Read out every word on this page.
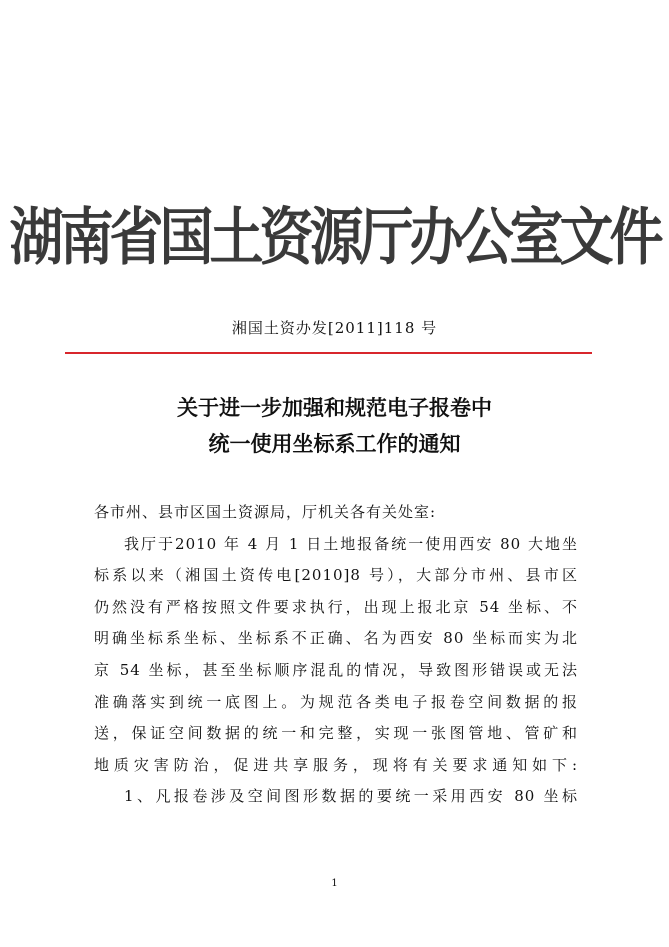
湖南省国土资源厅办公室文件
湘国土资办发[2011]118 号
关于进一步加强和规范电子报卷中
统一使用坐标系工作的通知
各市州、县市区国土资源局，厅机关各有关处室:
我厅于2010 年 4 月 1 日土地报备统一使用西安 80 大地坐
标系以来（湘国土资传电[2010]8 号），大部分市州、县市区
仍然没有严格按照文件要求执行，出现上报北京 54 坐标、不
明确坐标系坐标、坐标系不正确、名为西安 80 坐标而实为北
京 54 坐标，甚至坐标顺序混乱的情况，导致图形错误或无法
准确落实到统一底图上。为规范各类电子报卷空间数据的报
送，保证空间数据的统一和完整，实现一张图管地、管矿和
地质灾害防治，促进共享服务，现将有关要求通知如下:
1、凡报卷涉及空间图形数据的要统一采用西安 80 坐标
1
